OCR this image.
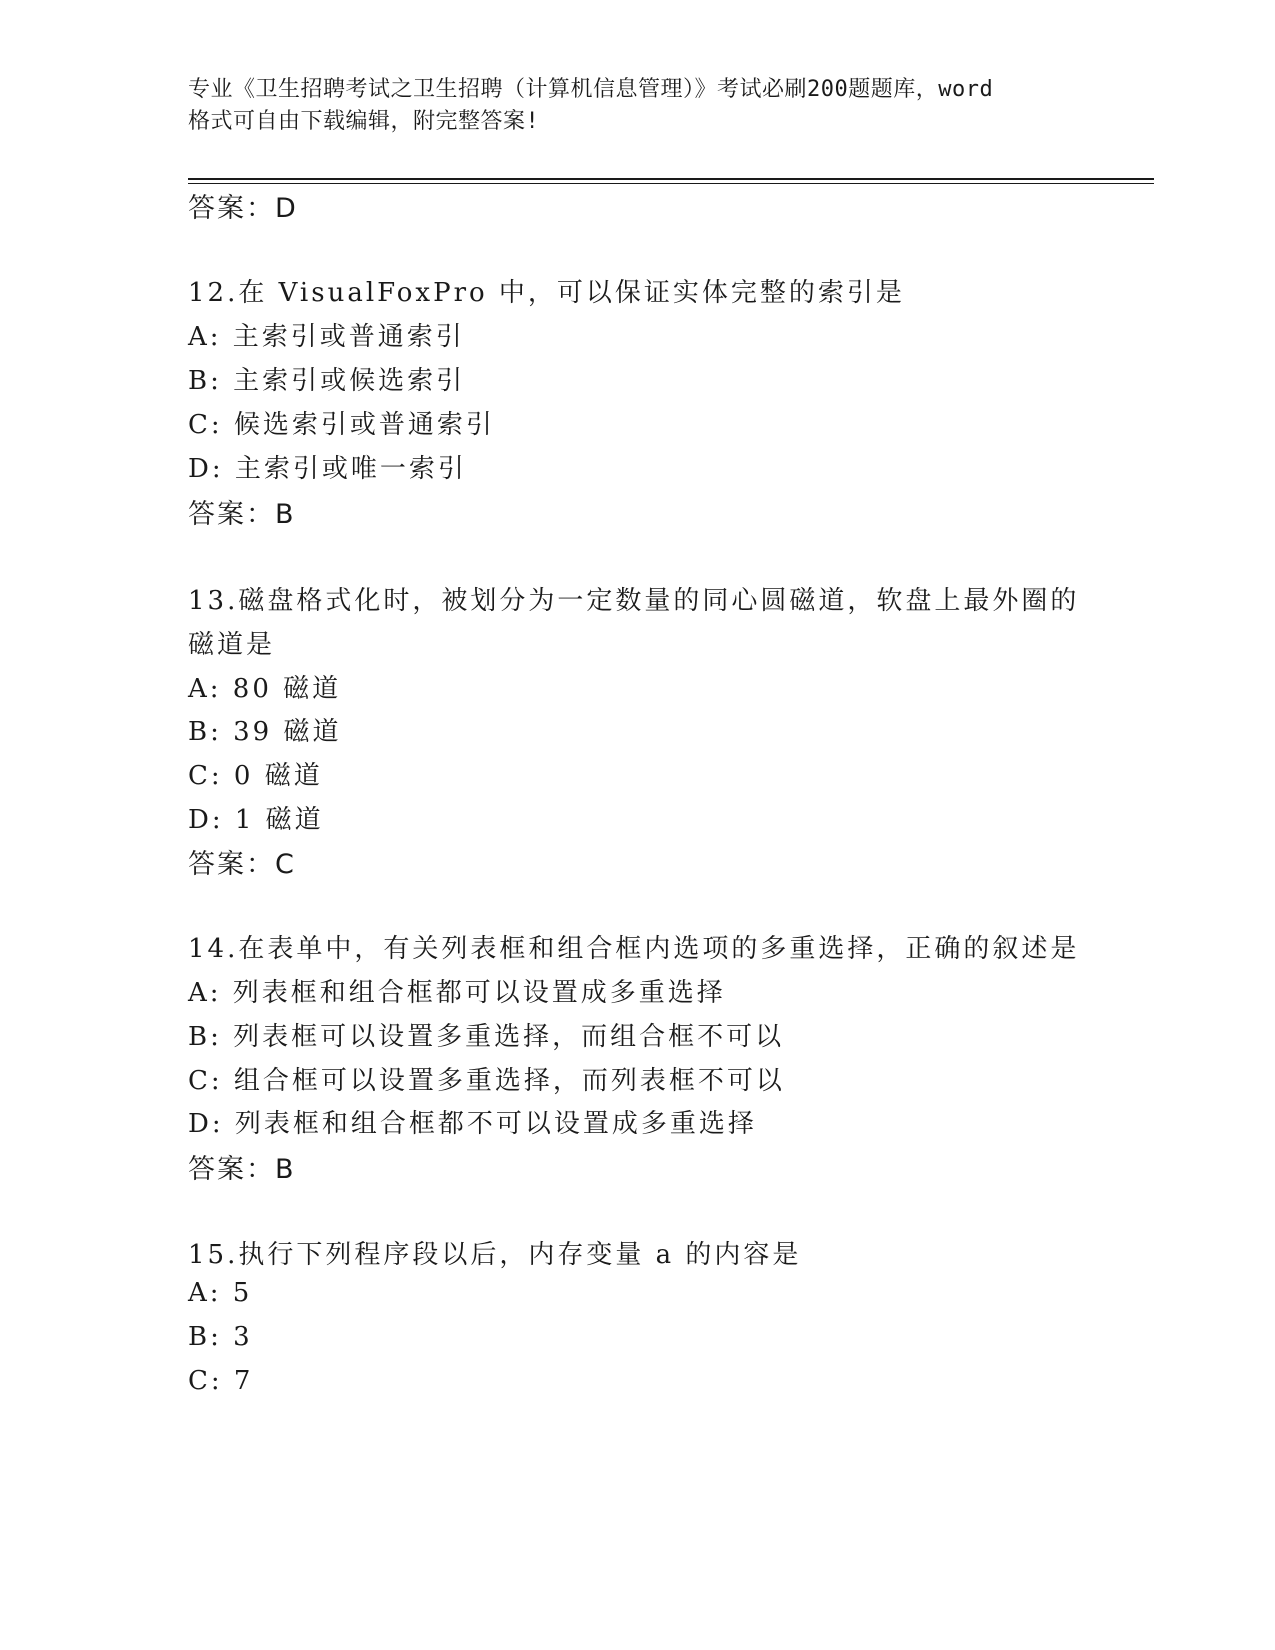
专业《卫生招聘考试之卫生招聘（计算机信息管理）》考试必刷200题题库，word
格式可自由下载编辑，附完整答案!
答案：D
12.在 VisualFoxPro 中，可以保证实体完整的索引是
A: 主索引或普通索引
B: 主索引或候选索引
C: 候选索引或普通索引
D: 主索引或唯一索引
答案：B
13.磁盘格式化时，被划分为一定数量的同心圆磁道，软盘上最外圈的
磁道是
A: 80 磁道
B: 39 磁道
C: 0 磁道
D: 1 磁道
答案：C
14.在表单中，有关列表框和组合框内选项的多重选择，正确的叙述是
A: 列表框和组合框都可以设置成多重选择
B: 列表框可以设置多重选择，而组合框不可以
C: 组合框可以设置多重选择，而列表框不可以
D: 列表框和组合框都不可以设置成多重选择
答案：B
15.执行下列程序段以后，内存变量 a 的内容是
A: 5
B: 3
C: 7
